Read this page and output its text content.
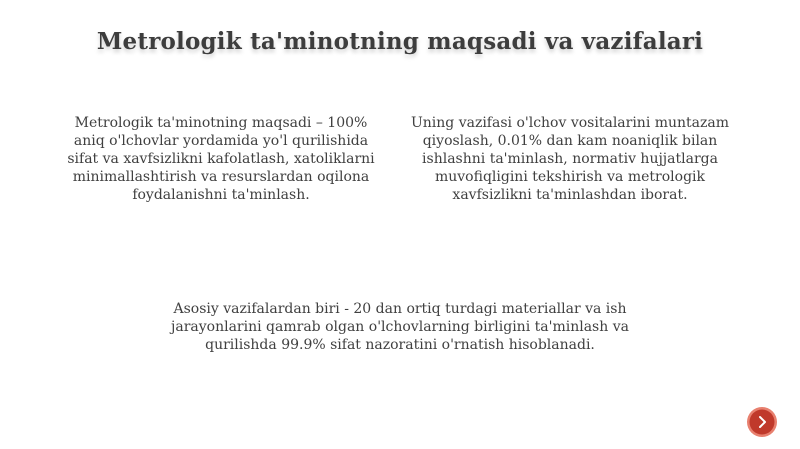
Metrologik ta'minotning maqsadi va vazifalari

Metrologik ta'minotning maqsadi – 100% aniq o'lchovlar yordamida yo'l qurilishida sifat va xavfsizlikni kafolatlash, xatoliklarni minimallashtirish va resurslardan oqilona foydalanishni ta'minlash.

Uning vazifasi o'lchov vositalarini muntazam qiyoslash, 0.01% dan kam noaniqlik bilan ishlashni ta'minlash, normativ hujjatlarga muvofiqligini tekshirish va metrologik xavfsizlikni ta'minlashdan iborat.

Asosiy vazifalardan biri - 20 dan ortiq turdagi materiallar va ish jarayonlarini qamrab olgan o'lchovlarning birligini ta'minlash va qurilishda 99.9% sifat nazoratini o'rnatish hisoblanadi.
